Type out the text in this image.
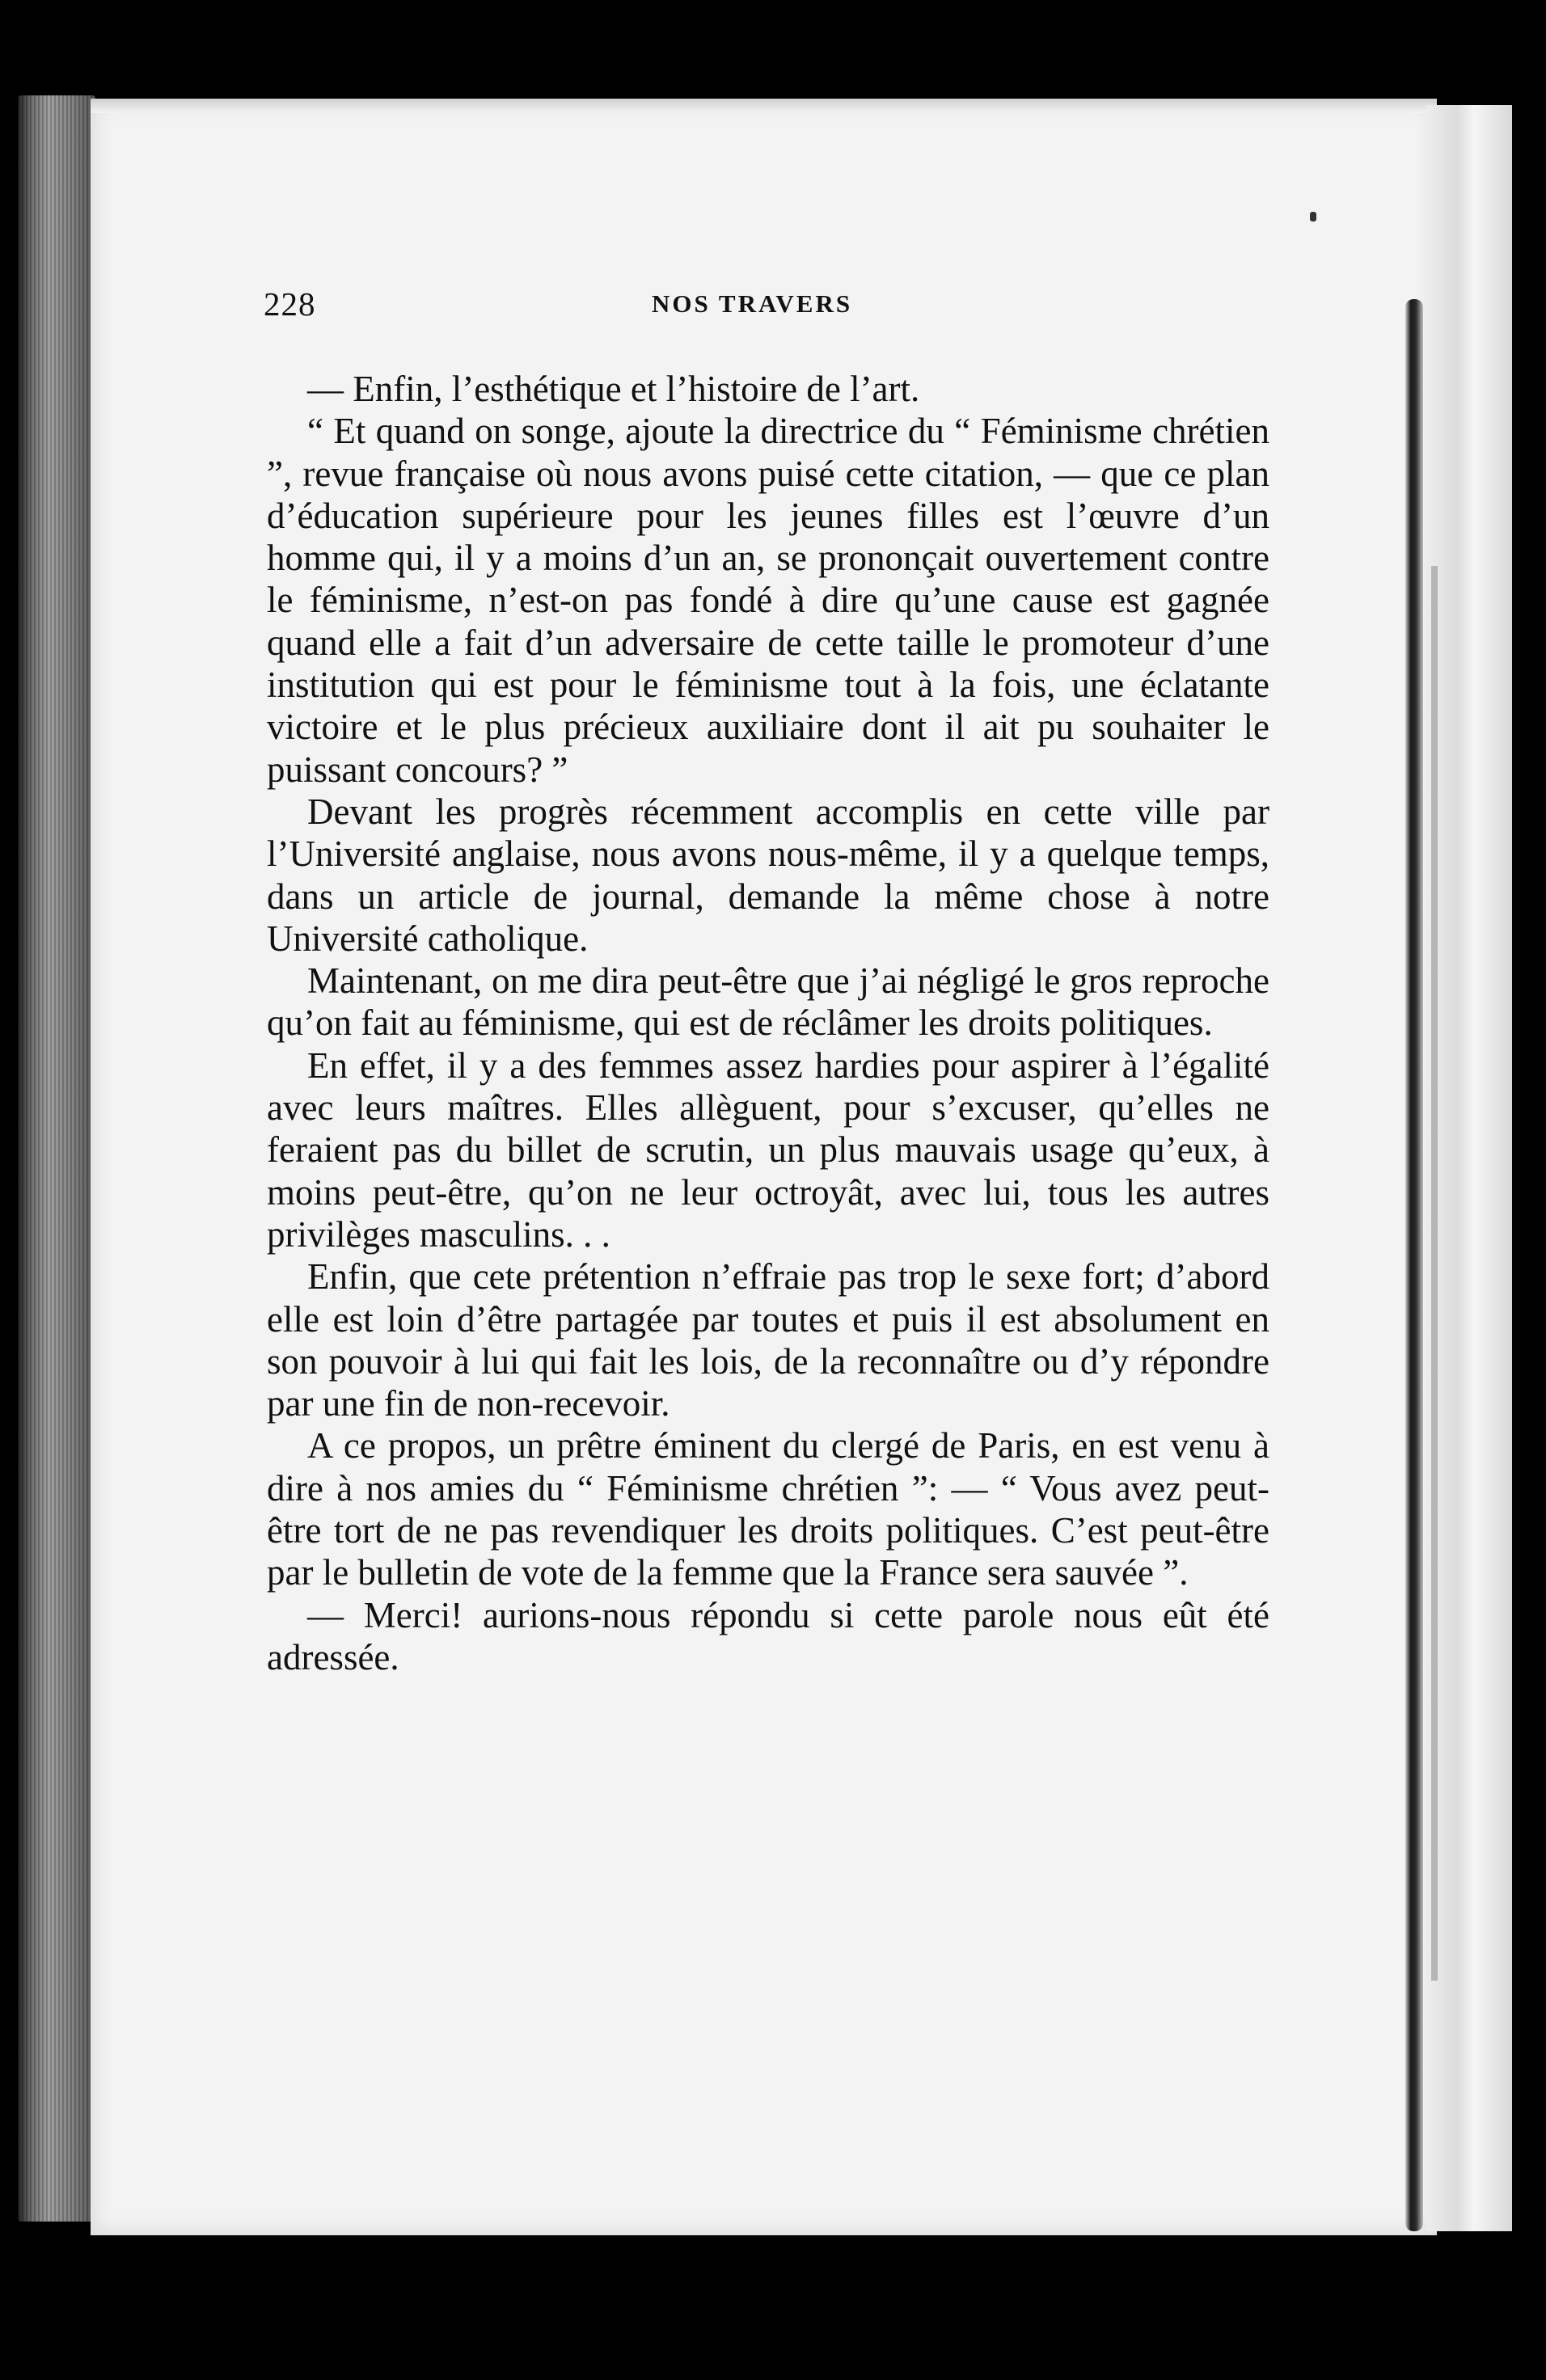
228	NOS TRAVERS

— Enfin, l’esthétique et l’histoire de l’art.

“ Et quand on songe, ajoute la directrice du “ Féminisme chrétien ”, revue française où nous avons puisé cette citation, — que ce plan d’éducation supérieure pour les jeunes filles est l’œuvre d’un homme qui, il y a moins d’un an, se prononçait ouvertement contre le féminisme, n’est-on pas fondé à dire qu’une cause est gagnée quand elle a fait d’un adversaire de cette taille le promoteur d’une institution qui est pour le féminisme tout à la fois, une éclatante victoire et le plus précieux auxiliaire dont il ait pu souhaiter le puissant concours? ”

Devant les progrès récemment accomplis en cette ville par l’Université anglaise, nous avons nous-même, il y a quelque temps, dans un article de journal, demande la même chose à notre Université catholique.

Maintenant, on me dira peut-être que j’ai négligé le gros reproche qu’on fait au féminisme, qui est de réclâmer les droits politiques.

En effet, il y a des femmes assez hardies pour aspirer à l’égalité avec leurs maîtres. Elles allèguent, pour s’excuser, qu’elles ne feraient pas du billet de scrutin, un plus mauvais usage qu’eux, à moins peut-être, qu’on ne leur octroyât, avec lui, tous les autres privilèges masculins. . .

Enfin, que cete prétention n’effraie pas trop le sexe fort; d’abord elle est loin d’être partagée par toutes et puis il est absolument en son pouvoir à lui qui fait les lois, de la reconnaître ou d’y répondre par une fin de non-recevoir.

A ce propos, un prêtre éminent du clergé de Paris, en est venu à dire à nos amies du “ Féminisme chrétien ”: — “ Vous avez peut-être tort de ne pas revendiquer les droits politiques. C’est peut-être par le bulletin de vote de la femme que la France sera sauvée ”.

— Merci! aurions-nous répondu si cette parole nous eût été adressée.
